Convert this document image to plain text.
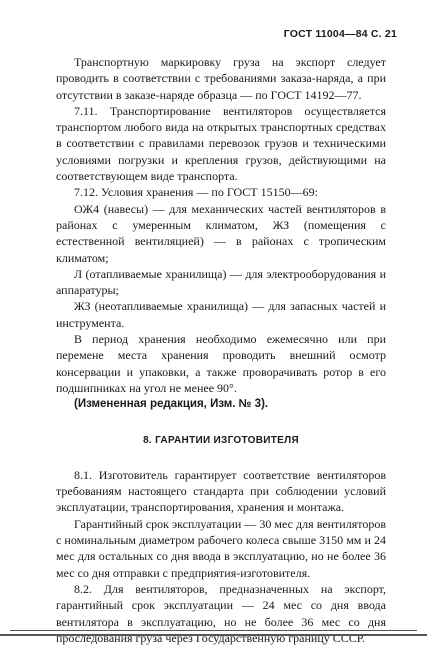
ГОСТ 11004—84 С. 21

Транспортную маркировку груза на экспорт следует проводить в соответствии с требованиями заказа-наряда, а при отсутствии в заказе-наряде образца — по ГОСТ 14192—77.

7.11. Транспортирование вентиляторов осуществляется транспортом любого вида на открытых транспортных средствах в соответствии с правилами перевозок грузов и техническими условиями погрузки и крепления грузов, действующими на соответствующем виде транспорта.

7.12. Условия хранения — по ГОСТ 15150—69:

ОЖ4 (навесы) — для механических частей вентиляторов в районах с умеренным климатом, ЖЗ (помещения с естественной вентиляцией) — в районах с тропическим климатом;

Л (отапливаемые хранилища) — для электрооборудования и аппаратуры;

ЖЗ (неотапливаемые хранилища) — для запасных частей и инструмента.

В период хранения необходимо ежемесячно или при перемене места хранения проводить внешний осмотр консервации и упаковки, а также проворачивать ротор в его подшипниках на угол не менее 90°.

(Измененная редакция, Изм. № 3).

8. ГАРАНТИИ ИЗГОТОВИТЕЛЯ

8.1. Изготовитель гарантирует соответствие вентиляторов требованиям настоящего стандарта при соблюдении условий эксплуатации, транспортирования, хранения и монтажа.

Гарантийный срок эксплуатации — 30 мес для вентиляторов с номинальным диаметром рабочего колеса свыше 3150 мм и 24 мес для остальных со дня ввода в эксплуатацию, но не более 36 мес со дня отправки с предприятия-изготовителя.

8.2. Для вентиляторов, предназначенных на экспорт, гарантийный срок эксплуатации — 24 мес со дня ввода вентилятора в эксплуатацию, но не более 36 мес со дня проследования груза через Государственную границу СССР.
